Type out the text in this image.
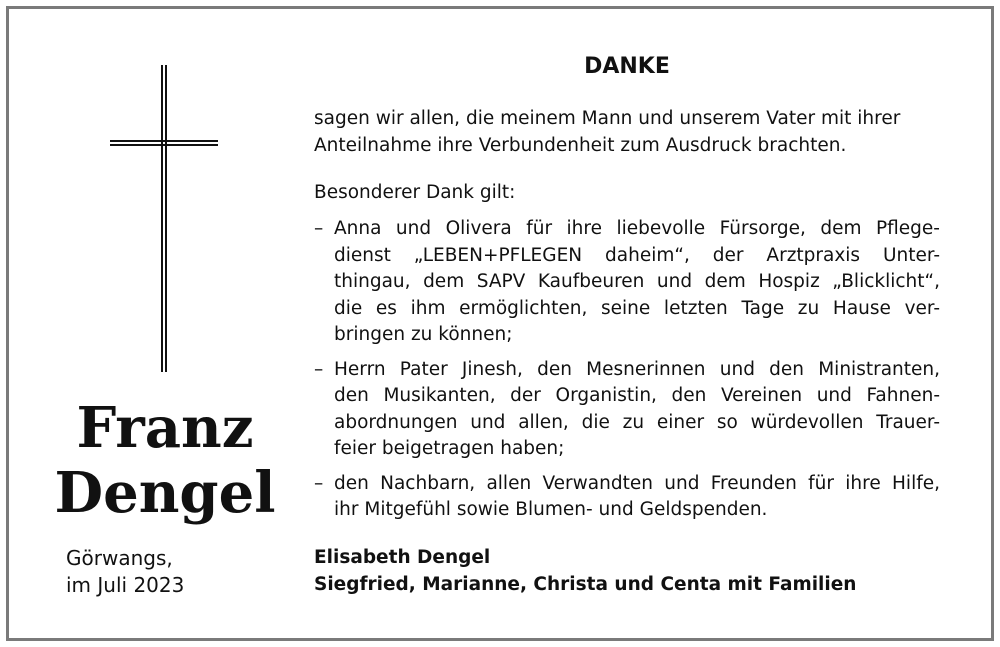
Franz
Dengel
Görwangs,
im Juli 2023
DANKE
sagen wir allen, die meinem Mann und unserem Vater mit ihrer
Anteilnahme ihre Verbundenheit zum Ausdruck brachten.
Besonderer Dank gilt:
– Anna und Olivera für ihre liebevolle Fürsorge, dem Pflege-
dienst „LEBEN+PFLEGEN daheim“, der Arztpraxis Unter-
thingau, dem SAPV Kaufbeuren und dem Hospiz „Blicklicht“,
die es ihm ermöglichten, seine letzten Tage zu Hause ver-
bringen zu können;
– Herrn Pater Jinesh, den Mesnerinnen und den Ministranten,
den Musikanten, der Organistin, den Vereinen und Fahnen-
abordnungen und allen, die zu einer so würdevollen Trauer-
feier beigetragen haben;
– den Nachbarn, allen Verwandten und Freunden für ihre Hilfe,
ihr Mitgefühl sowie Blumen- und Geldspenden.
Elisabeth Dengel
Siegfried, Marianne, Christa und Centa mit Familien
